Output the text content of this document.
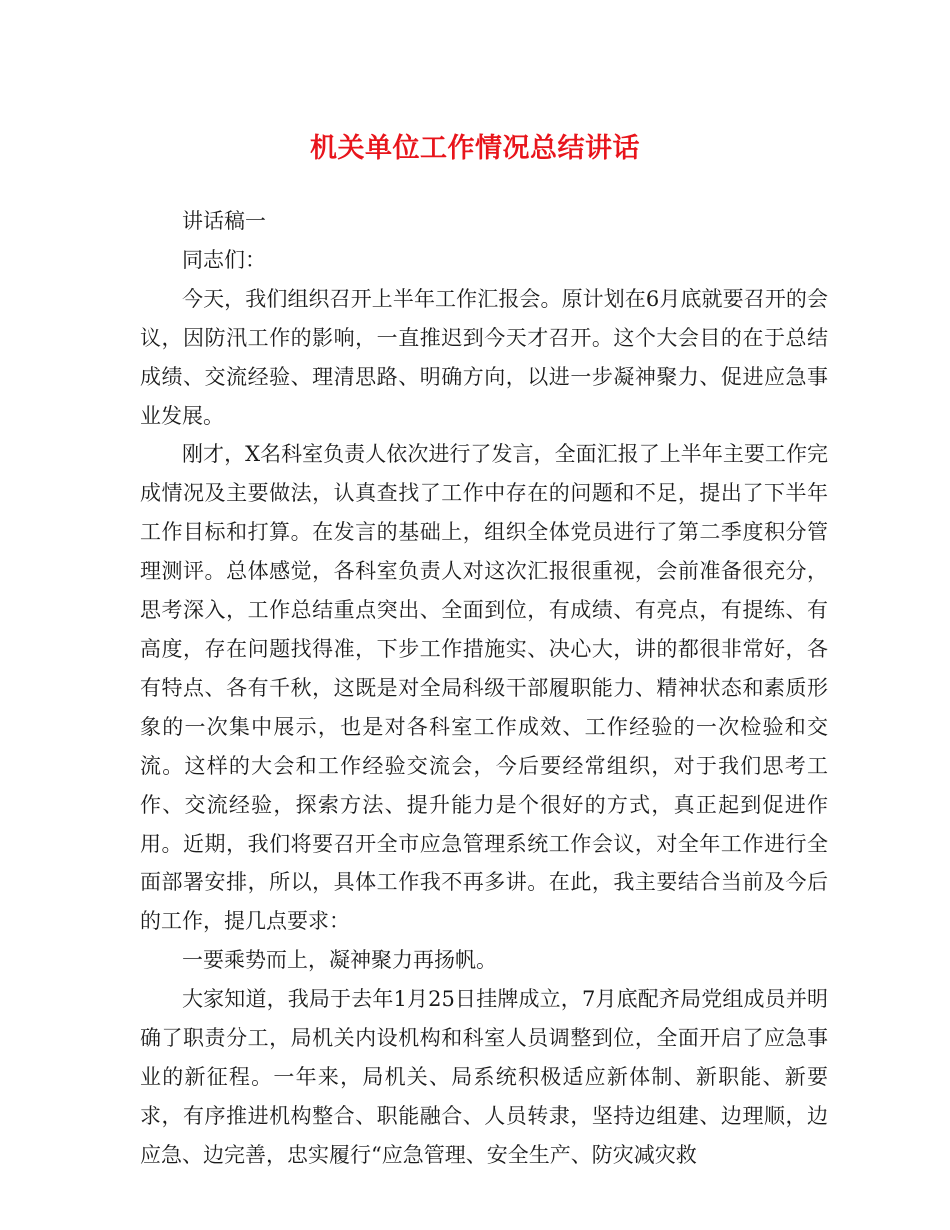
机关单位工作情况总结讲话

讲话稿一

同志们：

今天，我们组织召开上半年工作汇报会。原计划在6月底就要召开的会议，因防汛工作的影响，一直推迟到今天才召开。这个大会目的在于总结成绩、交流经验、理清思路、明确方向，以进一步凝神聚力、促进应急事业发展。

刚才，X名科室负责人依次进行了发言，全面汇报了上半年主要工作完成情况及主要做法，认真查找了工作中存在的问题和不足，提出了下半年工作目标和打算。在发言的基础上，组织全体党员进行了第二季度积分管理测评。总体感觉，各科室负责人对这次汇报很重视，会前准备很充分，思考深入，工作总结重点突出、全面到位，有成绩、有亮点，有提练、有高度，存在问题找得准，下步工作措施实、决心大，讲的都很非常好，各有特点、各有千秋，这既是对全局科级干部履职能力、精神状态和素质形象的一次集中展示，也是对各科室工作成效、工作经验的一次检验和交流。这样的大会和工作经验交流会，今后要经常组织，对于我们思考工作、交流经验，探索方法、提升能力是个很好的方式，真正起到促进作用。近期，我们将要召开全市应急管理系统工作会议，对全年工作进行全面部署安排，所以，具体工作我不再多讲。在此，我主要结合当前及今后的工作，提几点要求：

一要乘势而上，凝神聚力再扬帆。

大家知道，我局于去年1月25日挂牌成立，7月底配齐局党组成员并明确了职责分工，局机关内设机构和科室人员调整到位，全面开启了应急事业的新征程。一年来，局机关、局系统积极适应新体制、新职能、新要求，有序推进机构整合、职能融合、人员转隶，坚持边组建、边理顺，边应急、边完善，忠实履行“应急管理、安全生产、防灾减灾救
